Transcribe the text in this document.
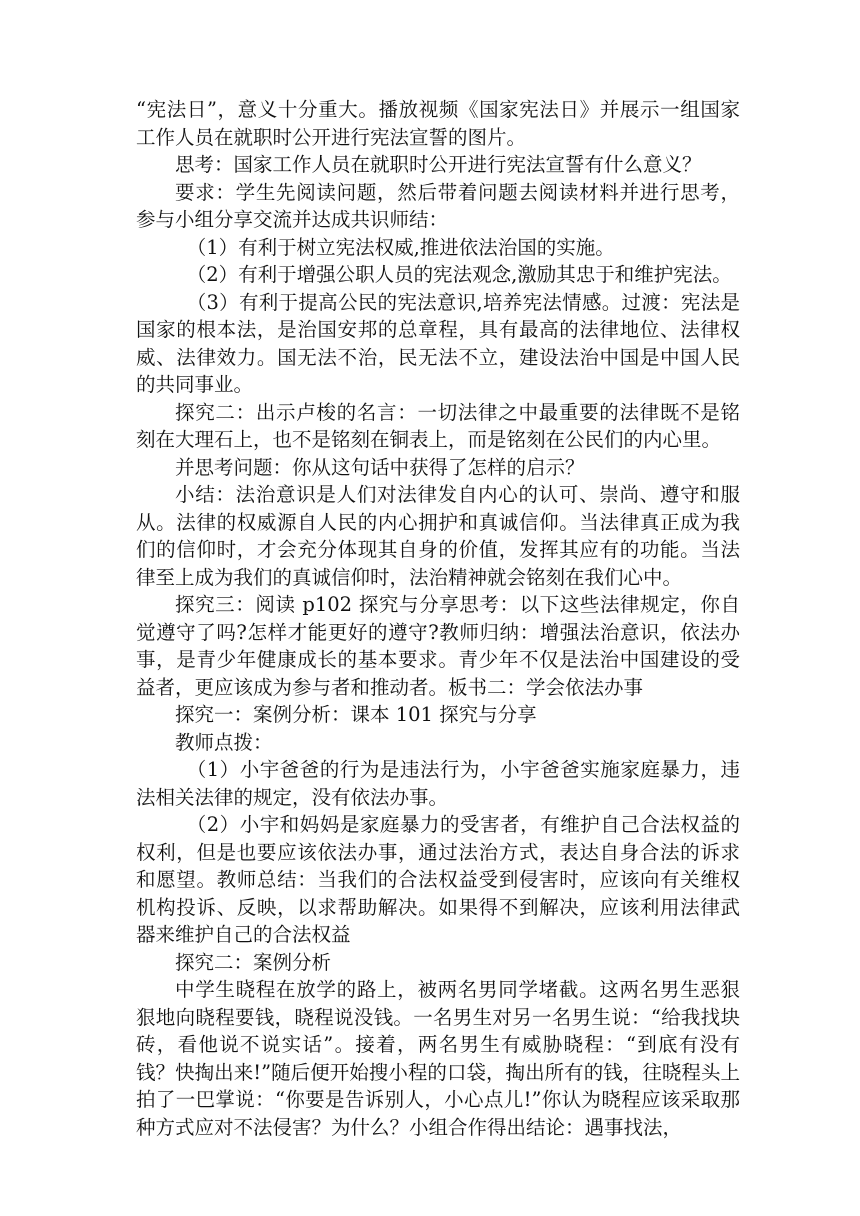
“宪法日”，意义十分重大。播放视频《国家宪法日》并展示一组国家工作人员在就职时公开进行宪法宣誓的图片。

思考：国家工作人员在就职时公开进行宪法宣誓有什么意义？

要求：学生先阅读问题，然后带着问题去阅读材料并进行思考，参与小组分享交流并达成共识师结：

（1）有利于树立宪法权威,推进依法治国的实施。

（2）有利于增强公职人员的宪法观念,激励其忠于和维护宪法。

（3）有利于提高公民的宪法意识,培养宪法情感。过渡：宪法是国家的根本法，是治国安邦的总章程，具有最高的法律地位、法律权威、法律效力。国无法不治，民无法不立，建设法治中国是中国人民的共同事业。

探究二：出示卢梭的名言：一切法律之中最重要的法律既不是铭刻在大理石上，也不是铭刻在铜表上，而是铭刻在公民们的内心里。

并思考问题：你从这句话中获得了怎样的启示？

小结：法治意识是人们对法律发自内心的认可、崇尚、遵守和服从。法律的权威源自人民的内心拥护和真诚信仰。当法律真正成为我们的信仰时，才会充分体现其自身的价值，发挥其应有的功能。当法律至上成为我们的真诚信仰时，法治精神就会铭刻在我们心中。

探究三：阅读 p102 探究与分享思考：以下这些法律规定，你自觉遵守了吗?怎样才能更好的遵守?教师归纳：增强法治意识，依法办事，是青少年健康成长的基本要求。青少年不仅是法治中国建设的受益者，更应该成为参与者和推动者。板书二：学会依法办事

探究一：案例分析：课本 101 探究与分享

教师点拨：

（1）小宇爸爸的行为是违法行为，小宇爸爸实施家庭暴力，违法相关法律的规定，没有依法办事。

（2）小宇和妈妈是家庭暴力的受害者，有维护自己合法权益的权利，但是也要应该依法办事，通过法治方式，表达自身合法的诉求和愿望。教师总结：当我们的合法权益受到侵害时，应该向有关维权机构投诉、反映，以求帮助解决。如果得不到解决，应该利用法律武器来维护自己的合法权益

探究二：案例分析

中学生晓程在放学的路上，被两名男同学堵截。这两名男生恶狠狠地向晓程要钱，晓程说没钱。一名男生对另一名男生说：“给我找块砖，看他说不说实话”。接着，两名男生有威胁晓程：“到底有没有钱？快掏出来!”随后便开始搜小程的口袋，掏出所有的钱，往晓程头上拍了一巴掌说：“你要是告诉别人，小心点儿!”你认为晓程应该采取那种方式应对不法侵害？为什么？小组合作得出结论：遇事找法，
